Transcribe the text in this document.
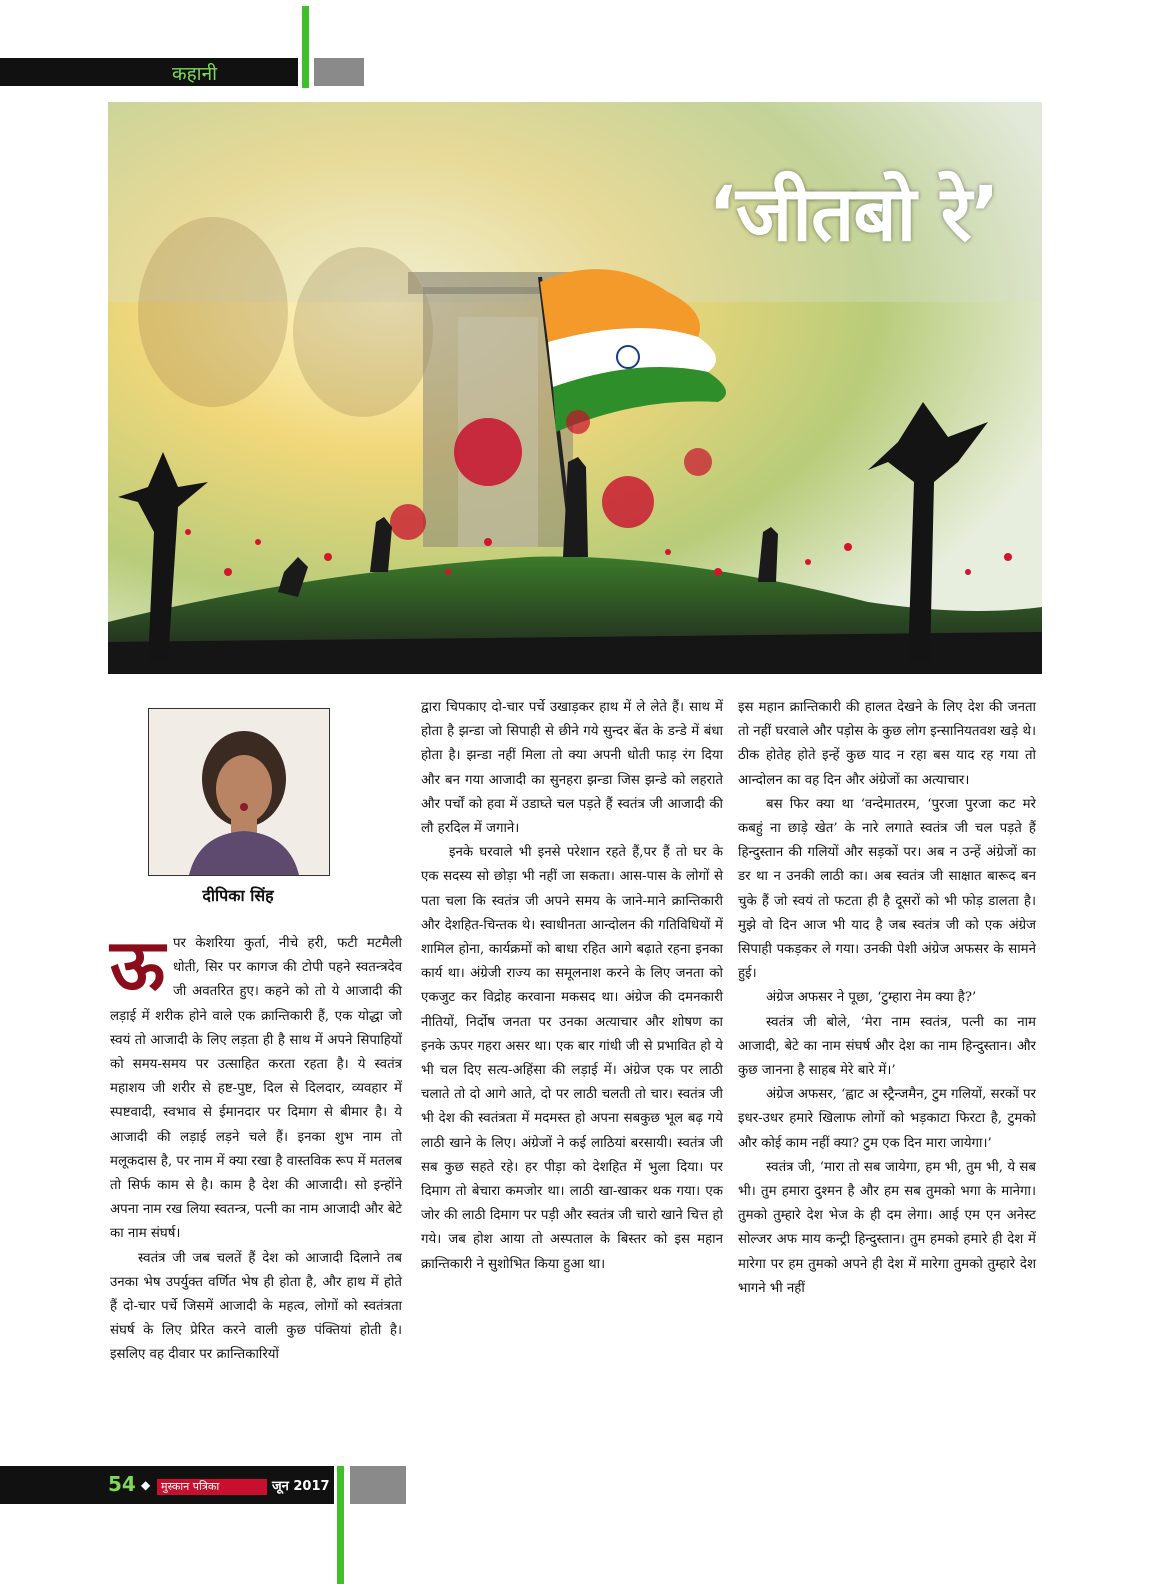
कहानी
‘जीतबो रे’
दीपिका सिंह

ऊपर केशरिया कुर्ता, नीचे हरी, फटी मटमैली धोती, सिर पर कागज की टोपी पहने स्वतन्त्रदेव जी अवतरित हुए। कहने को तो ये आजादी की लड़ाई में शरीक होने वाले एक क्रान्तिकारी हैं, एक योद्धा जो स्वयं तो आजादी के लिए लड़ता ही है साथ में अपने सिपाहियों को समय-समय पर उत्साहित करता रहता है। ये स्वतंत्र महाशय जी शरीर से हष्ट-पुष्ट, दिल से दिलदार, व्यवहार में स्पष्टवादी, स्वभाव से ईमानदार पर दिमाग से बीमार है। ये आजादी की लड़ाई लड़ने चले हैं। इनका शुभ नाम तो मलूकदास है, पर नाम में क्या रखा है वास्तविक रूप में मतलब तो सिर्फ काम से है। काम है देश की आजादी। सो इन्होंने अपना नाम रख लिया स्वतन्त्र, पत्नी का नाम आजादी और बेटे का नाम संघर्ष।

स्वतंत्र जी जब चलतें हैं देश को आजादी दिलाने तब उनका भेष उपर्युक्त वर्णित भेष ही होता है, और हाथ में होते हैं दो-चार पर्चे जिसमें आजादी के महत्व, लोगों को स्वतंत्रता संघर्ष के लिए प्रेरित करने वाली कुछ पंक्तियां होती है। इसलिए वह दीवार पर क्रान्तिकारियों

द्वारा चिपकाए दो-चार पर्चे उखाड़कर हाथ में ले लेते हैं। साथ में होता है झन्डा जो सिपाही से छीने गये सुन्दर बेंत के डन्डे में बंधा होता है। झन्डा नहीं मिला तो क्या अपनी धोती फाड़ रंग दिया और बन गया आजादी का सुनहरा झन्डा जिस झन्डे को लहराते और पर्चों को हवा में उडाघ्ते चल पड़ते हैं स्वतंत्र जी आजादी की लौ हरदिल में जगाने।

इनके घरवाले भी इनसे परेशान रहते हैं,पर हैं तो घर के एक सदस्य सो छोड़ा भी नहीं जा सकता। आस-पास के लोगों से पता चला कि स्वतंत्र जी अपने समय के जाने-माने क्रान्तिकारी और देशहित-चिन्तक थे। स्वाधीनता आन्दोलन की गतिविधियों में शामिल होना, कार्यक्रमों को बाधा रहित आगे बढ़ाते रहना इनका कार्य था। अंग्रेजी राज्य का समूलनाश करने के लिए जनता को एकजुट कर विद्रोह करवाना मकसद था। अंग्रेज की दमनकारी नीतियों, निर्दोष जनता पर उनका अत्याचार और शोषण का इनके ऊपर गहरा असर था। एक बार गांधी जी से प्रभावित हो ये भी चल दिए सत्य-अहिंसा की लड़ाई में। अंग्रेज एक पर लाठी चलाते तो दो आगे आते, दो पर लाठी चलती तो चार। स्वतंत्र जी भी देश की स्वतंत्रता में मदमस्त हो अपना सबकुछ भूल बढ़ गये लाठी खाने के लिए। अंग्रेजों ने कई लाठियां बरसायी। स्वतंत्र जी सब कुछ सहते रहे। हर पीड़ा को देशहित में भुला दिया। पर दिमाग तो बेचारा कमजोर था। लाठी खा-खाकर थक गया। एक जोर की लाठी दिमाग पर पड़ी और स्वतंत्र जी चारो खाने चित्त हो गये। जब होश आया तो अस्पताल के बिस्तर को इस महान क्रान्तिकारी ने सुशोभित किया हुआ था।

इस महान क्रान्तिकारी की हालत देखने के लिए देश की जनता तो नहीं घरवाले और पड़ोस के कुछ लोग इन्सानियतवश खड़े थे। ठीक होतेह होते इन्हें कुछ याद न रहा बस याद रह गया तो आन्दोलन का वह दिन और अंग्रेजों का अत्याचार।

बस फिर क्या था ‘वन्देमातरम, ‘पुरजा पुरजा कट मरे कबहुं ना छाड़े खेत’ के नारे लगाते स्वतंत्र जी चल पड़ते हैं हिन्दुस्तान की गलियों और सड़कों पर। अब न उन्हें अंग्रेजों का डर था न उनकी लाठी का। अब स्वतंत्र जी साक्षात बारूद बन चुके हैं जो स्वयं तो फटता ही है दूसरों को भी फोड़ डालता है। मुझे वो दिन आज भी याद है जब स्वतंत्र जी को एक अंग्रेज सिपाही पकड़कर ले गया। उनकी पेशी अंग्रेज अफसर के सामने हुई।

अंग्रेज अफसर ने पूछा, ‘टुम्हारा नेम क्या है?’

स्वतंत्र जी बोले, ‘मेरा नाम स्वतंत्र, पत्नी का नाम आजादी, बेटे का नाम संघर्ष और देश का नाम हिन्दुस्तान। और कुछ जानना है साहब मेरे बारे में।’

अंग्रेज अफसर, ‘ह्वाट अ स्ट्रैन्जमैन, टुम गलियों, सरकों पर इधर-उधर हमारे खिलाफ लोगों को भड़काटा फिरटा है, टुमको और कोई काम नहीं क्या? टुम एक दिन मारा जायेगा।’

स्वतंत्र जी, ‘मारा तो सब जायेगा, हम भी, तुम भी, ये सब भी। तुम हमारा दुश्मन है और हम सब तुमको भगा के मानेगा। तुमको तुम्हारे देश भेज के ही दम लेगा। आई एम एन अनेस्ट सोल्जर अफ माय कन्ट्री हिन्दुस्तान। तुम हमको हमारे ही देश में मारेगा पर हम तुमको अपने ही देश में मारेगा तुमको तुम्हारे देश भागने भी नहीं

54 ◆ मुस्कान पत्रिका	जून 2017
